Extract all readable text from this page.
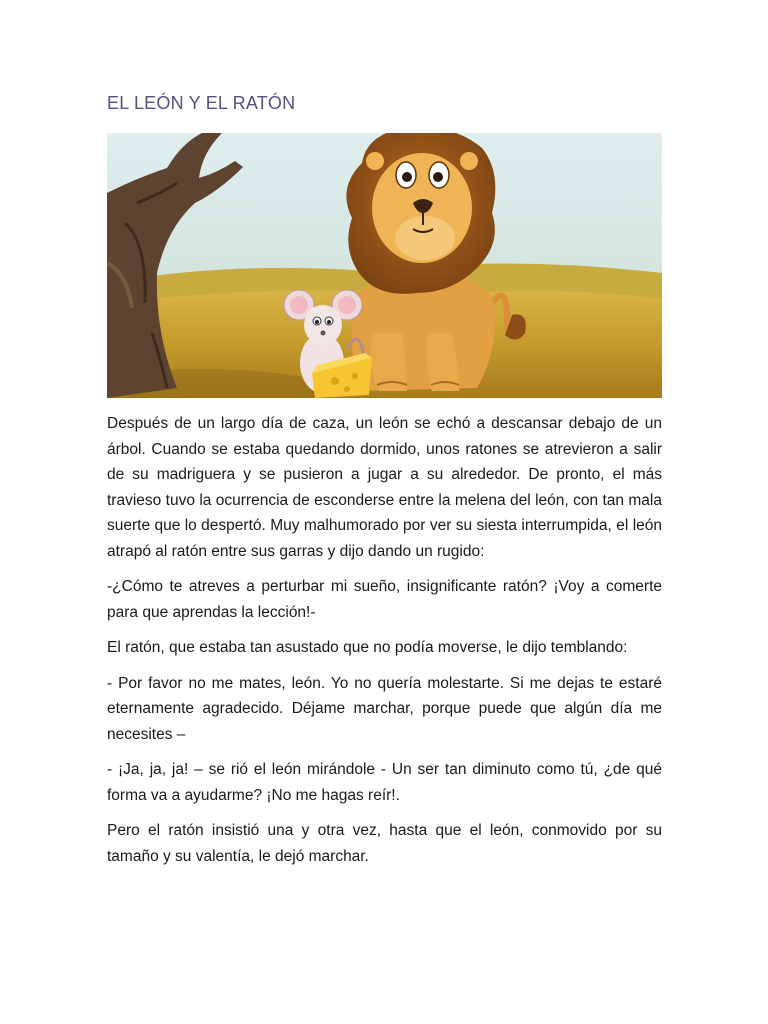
EL LEÓN Y EL RATÓN

Después de un largo día de caza, un león se echó a descansar debajo de un árbol. Cuando se estaba quedando dormido, unos ratones se atrevieron a salir de su madriguera y se pusieron a jugar a su alrededor. De pronto, el más travieso tuvo la ocurrencia de esconderse entre la melena del león, con tan mala suerte que lo despertó. Muy malhumorado por ver su siesta interrumpida, el león atrapó al ratón entre sus garras y dijo dando un rugido:

-¿Cómo te atreves a perturbar mi sueño, insignificante ratón? ¡Voy a comerte para que aprendas la lección!-

El ratón, que estaba tan asustado que no podía moverse, le dijo temblando:

- Por favor no me mates, león. Yo no quería molestarte. Si me dejas te estaré eternamente agradecido. Déjame marchar, porque puede que algún día me necesites –

- ¡Ja, ja, ja! – se rió el león mirándole - Un ser tan diminuto como tú, ¿de qué forma va a ayudarme? ¡No me hagas reír!.

Pero el ratón insistió una y otra vez, hasta que el león, conmovido por su tamaño y su valentía, le dejó marchar.
